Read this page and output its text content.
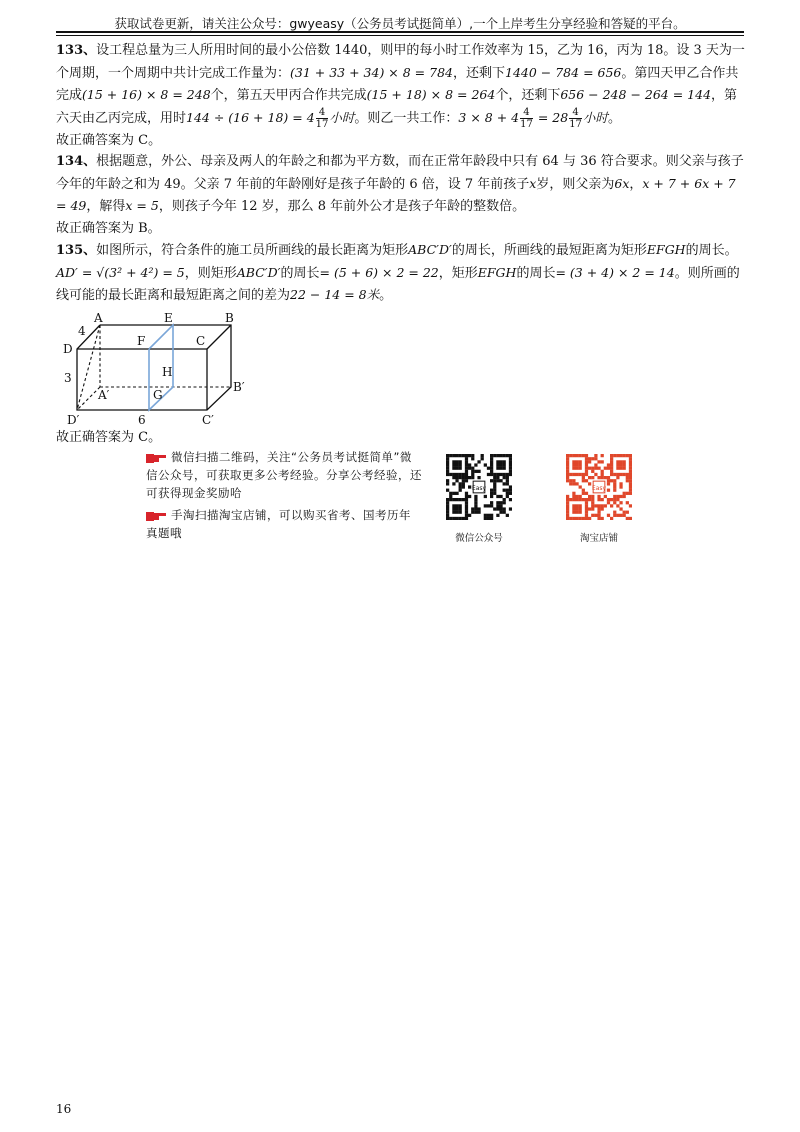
获取试卷更新，请关注公众号：gwyeasy（公务员考试挺简单）,一个上岸考生分享经验和答疑的平台。

133、设工程总量为三人所用时间的最小公倍数 1440，则甲的每小时工作效率为 15，乙为 16，丙为 18。设 3 天为一个周期，一个周期中共计完成工作量为：(31 + 33 + 34) × 8 = 784，还剩下1440 − 784 = 656。第四天甲乙合作共完成(15 + 16) × 8 = 248个，第五天甲丙合作共完成(15 + 18) × 8 = 264个，还剩下656 − 248 − 264 = 144，第六天由乙丙完成，用时$144 \div (16 + 18) = 4 \frac{4}{17}$ 小时。则乙一共工作：$3 \times 8 + 4 \frac{4}{17} = 28 \frac{4}{17}$ 小时。

故正确答案为 C。

134、根据题意，外公、母亲及两人的年龄之和都为平方数，而在正常年龄段中只有 64 与 36 符合要求。则父亲与孩子今年的年龄之和为 49。父亲 7 年前的年龄刚好是孩子年龄的 6 倍，设 7 年前孩子x岁，则父亲为6x，x + 7 + 6x + 7 = 49，解得x = 5，则孩子今年 12 岁，那么 8 年前外公才是孩子年龄的整数倍。

故正确答案为 B。

135、如图所示，符合条件的施工员所画线的最长距离为矩形ABC′D′的周长，所画线的最短距离为矩形EFGH的周长。AD′ = √(3² + 4²) = 5，则矩形ABC′D′的周长= (5 + 6) × 2 = 22，矩形EFGH的周长= (3 + 4) × 2 = 14。则所画的线可能的最长距离和最短距离之间的差为22 − 14 = 8米。

A	B
C
D
E
F
G
H
A′
B′
C′
D′
4
3
6

故正确答案为 C。

微信扫描二维码，关注“公务员考试挺简单”微信公众号，可获取更多公考经验。分享公考经验，还可获得现金奖励哈
手淘扫描淘宝店铺，可以购买省考、国考历年真题哦
Easy
微信公众号
Easy
淘宝店铺
16
